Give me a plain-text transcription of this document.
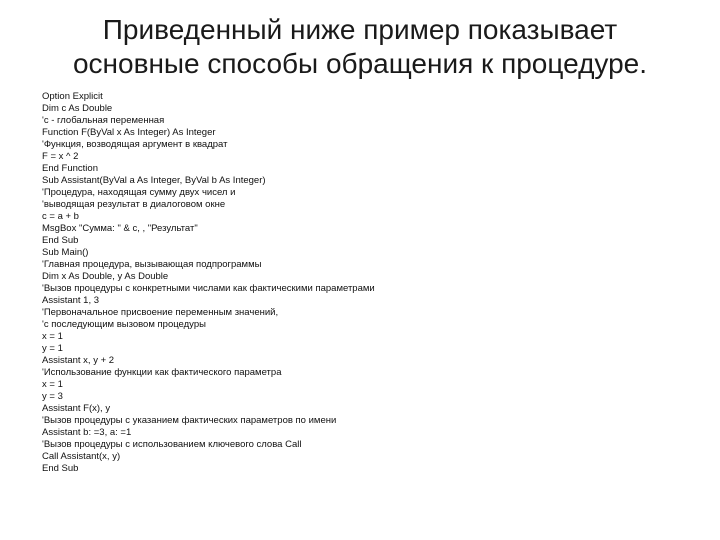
Приведенный ниже пример показывает
основные способы обращения к процедуре.
Option Explicit
Dim c As Double
'c - глобальная переменная
Function F(ByVal x As Integer) As Integer
'Функция, возводящая аргумент в квадрат
F = x ^ 2
End Function
Sub Assistant(ByVal a As Integer, ByVal b As Integer)
'Процедура, находящая сумму двух чисел и
'выводящая результат в диалоговом окне
c = a + b
MsgBox "Сумма: " & c, , "Результат"
End Sub
Sub Main()
'Главная процедура, вызывающая подпрограммы
Dim x As Double, y As Double
'Вызов процедуры с конкретными числами как фактическими параметрами
Assistant 1, 3
'Первоначальное присвоение переменным значений,
'с последующим вызовом процедуры
x = 1
y = 1
Assistant x, y + 2
'Использование функции как фактического параметра
x = 1
y = 3
Assistant F(x), y
'Вызов процедуры с указанием фактических параметров по имени
Assistant b: =3, a: =1
'Вызов процедуры с использованием ключевого слова Call
Call Assistant(x, y)
End Sub
